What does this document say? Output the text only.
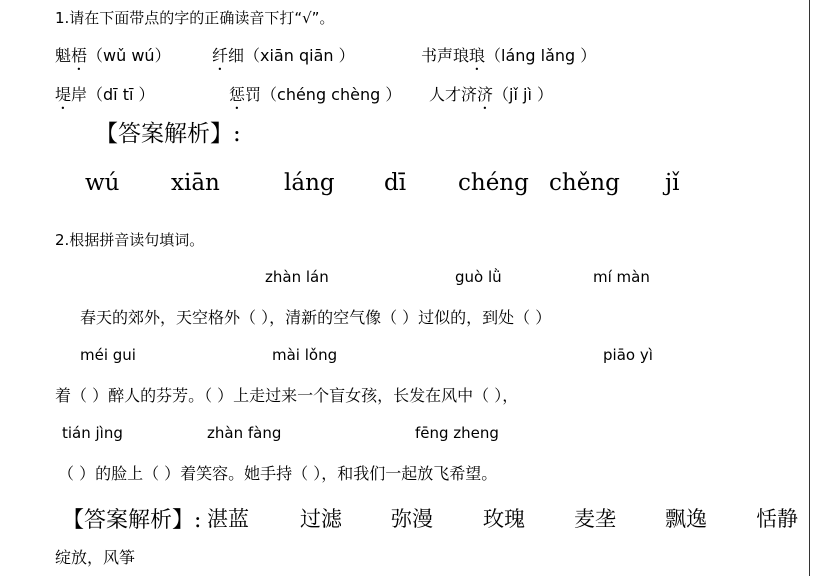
1.请在下面带点的字的正确读音下打“√”。
魁梧（wǔ wú）	纤细（xiān qiān ）	书声琅琅（láng lǎng ）
堤岸（dī tī ）	惩罚（chéng chèng ） 人才济济（jǐ jì ）
【答案解析】:
wú xiān	láng dī chéng chěng jǐ
2.根据拼音读句填词。
zhàn lán	guò lǜ	mí màn
春天的郊外，天空格外（ ），清新的空气像（ ）过似的，到处（ ）
méi gui	mài lǒng	piāo yì
着（ ）醉人的芬芳。（ ）上走过来一个盲女孩，长发在风中（ ），
tián jìng	zhàn fàng	fēng zheng
（ ）的脸上（ ）着笑容。她手持（ ），和我们一起放飞希望。
【答案解析】: 湛蓝 过滤 弥漫 玫瑰 麦垄 飘逸 恬静
绽放，风筝
